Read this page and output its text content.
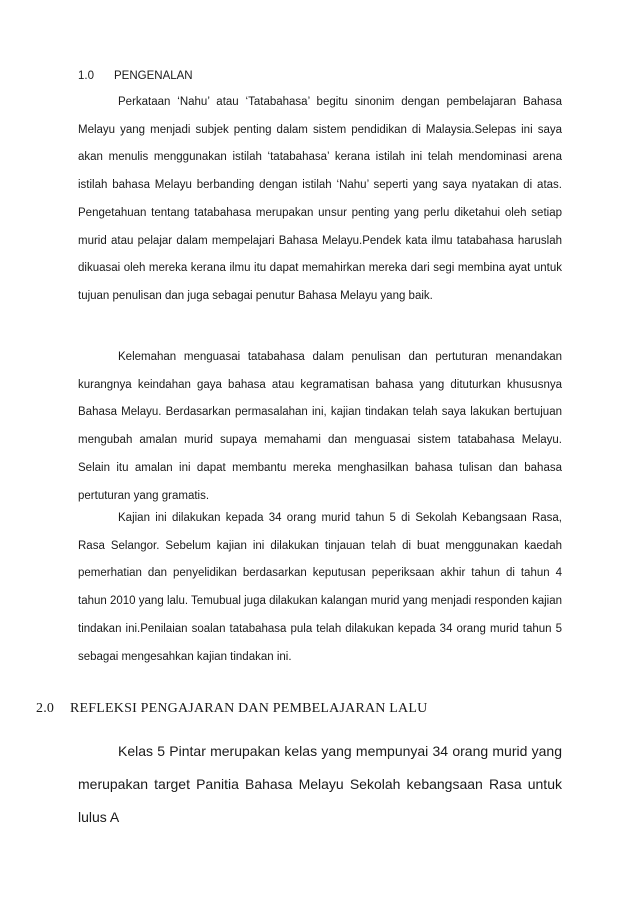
1.0 PENGENALAN

Perkataan ‘Nahu’ atau ‘Tatabahasa’ begitu sinonim dengan pembelajaran Bahasa Melayu yang menjadi subjek penting dalam sistem pendidikan di Malaysia.Selepas ini saya akan menulis menggunakan istilah ‘tatabahasa’ kerana istilah ini telah mendominasi arena istilah bahasa Melayu berbanding dengan istilah ‘Nahu’ seperti yang saya nyatakan di atas. Pengetahuan tentang tatabahasa merupakan unsur penting yang perlu diketahui oleh setiap murid atau pelajar dalam mempelajari Bahasa Melayu.Pendek kata ilmu tatabahasa haruslah dikuasai oleh mereka kerana ilmu itu dapat memahirkan mereka dari segi membina ayat untuk tujuan penulisan dan juga sebagai penutur Bahasa Melayu yang baik.

Kelemahan menguasai tatabahasa dalam penulisan dan pertuturan menandakan kurangnya keindahan gaya bahasa atau kegramatisan bahasa yang dituturkan khususnya Bahasa Melayu. Berdasarkan permasalahan ini, kajian tindakan telah saya lakukan bertujuan mengubah amalan murid supaya memahami dan menguasai sistem tatabahasa Melayu. Selain itu amalan ini dapat membantu mereka menghasilkan bahasa tulisan dan bahasa pertuturan yang gramatis.

Kajian ini dilakukan kepada 34 orang murid tahun 5 di Sekolah Kebangsaan Rasa, Rasa Selangor. Sebelum kajian ini dilakukan tinjauan telah di buat menggunakan kaedah pemerhatian dan penyelidikan berdasarkan keputusan peperiksaan akhir tahun di tahun 4 tahun 2010 yang lalu. Temubual juga dilakukan kalangan murid yang menjadi responden kajian tindakan ini.Penilaian soalan tatabahasa pula telah dilakukan kepada 34 orang murid tahun 5 sebagai mengesahkan kajian tindakan ini.

2.0 REFLEKSI PENGAJARAN DAN PEMBELAJARAN LALU

Kelas 5 Pintar merupakan kelas yang mempunyai 34 orang murid yang merupakan target Panitia Bahasa Melayu Sekolah kebangsaan Rasa untuk lulus A
